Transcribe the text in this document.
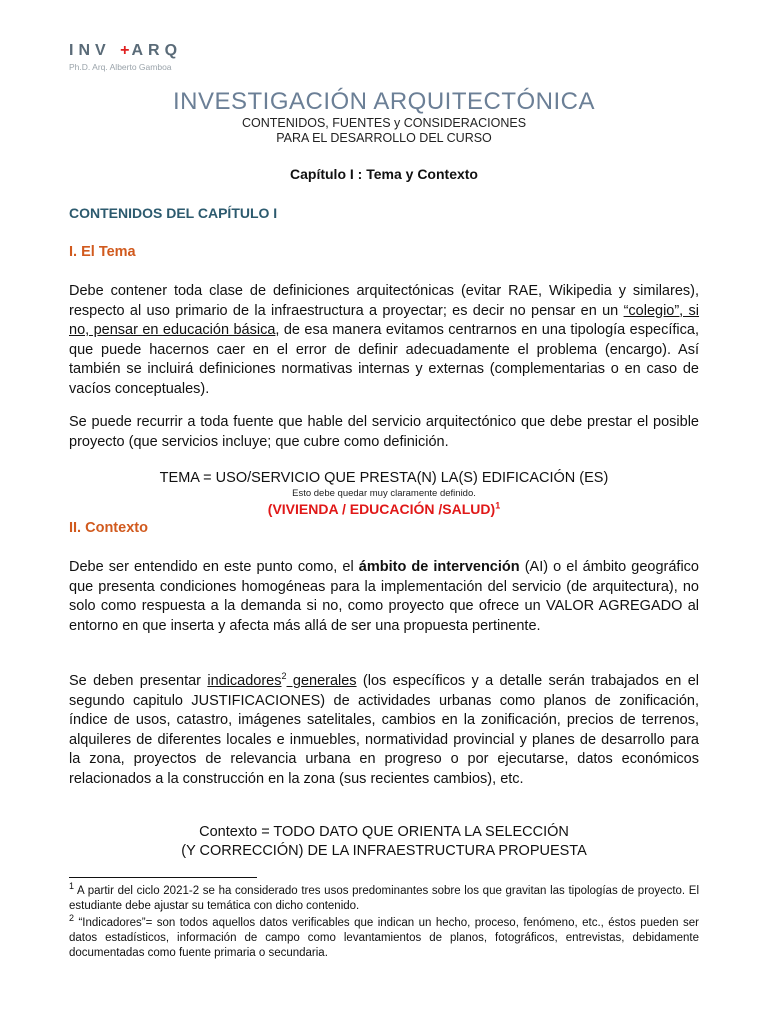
INV +ARQ
Ph.D. Arq. Alberto Gamboa
INVESTIGACIÓN ARQUITECTÓNICA
CONTENIDOS, FUENTES y CONSIDERACIONES
PARA EL DESARROLLO DEL CURSO
Capítulo I : Tema y Contexto
CONTENIDOS DEL CAPÍTULO I
I. El Tema
Debe contener toda clase de definiciones arquitectónicas (evitar RAE, Wikipedia y similares), respecto al uso primario de la infraestructura a proyectar; es decir no pensar en un “colegio”, si no, pensar en educación básica, de esa manera evitamos centrarnos en una tipología específica, que puede hacernos caer en el error de definir adecuadamente el problema (encargo). Así también se incluirá definiciones normativas internas y externas (complementarias o en caso de vacíos conceptuales).
Se puede recurrir a toda fuente que hable del servicio arquitectónico que debe prestar el posible proyecto (que servicios incluye; que cubre como definición.
TEMA = USO/SERVICIO QUE PRESTA(N) LA(S) EDIFICACIÓN (ES)
Esto debe quedar muy claramente definido.
(VIVIENDA / EDUCACIÓN /SALUD)$^1$
II. Contexto
Debe ser entendido en este punto como, el ámbito de intervención (AI) o el ámbito geográfico que presenta condiciones homogéneas para la implementación del servicio (de arquitectura), no solo como respuesta a la demanda si no, como proyecto que ofrece un VALOR AGREGADO al entorno en que inserta y afecta más allá de ser una propuesta pertinente.
Se deben presentar indicadores$^2$ generales (los específicos y a detalle serán trabajados en el segundo capitulo JUSTIFICACIONES) de actividades urbanas como planos de zonificación, índice de usos, catastro, imágenes satelitales, cambios en la zonificación, precios de terrenos, alquileres de diferentes locales e inmuebles, normatividad provincial y planes de desarrollo para la zona, proyectos de relevancia urbana en progreso o por ejecutarse, datos económicos relacionados a la construcción en la zona (sus recientes cambios), etc.
Contexto = TODO DATO QUE ORIENTA LA SELECCIÓN
(Y CORRECCIÓN) DE LA INFRAESTRUCTURA PROPUESTA
$^1$ A partir del ciclo 2021-2 se ha considerado tres usos predominantes sobre los que gravitan las tipologías de proyecto. El estudiante debe ajustar su temática con dicho contenido.
$^2$ “Indicadores”= son todos aquellos datos verificables que indican un hecho, proceso, fenómeno, etc., éstos pueden ser datos estadísticos, información de campo como levantamientos de planos, fotográficos, entrevistas, debidamente documentadas como fuente primaria o secundaria.
